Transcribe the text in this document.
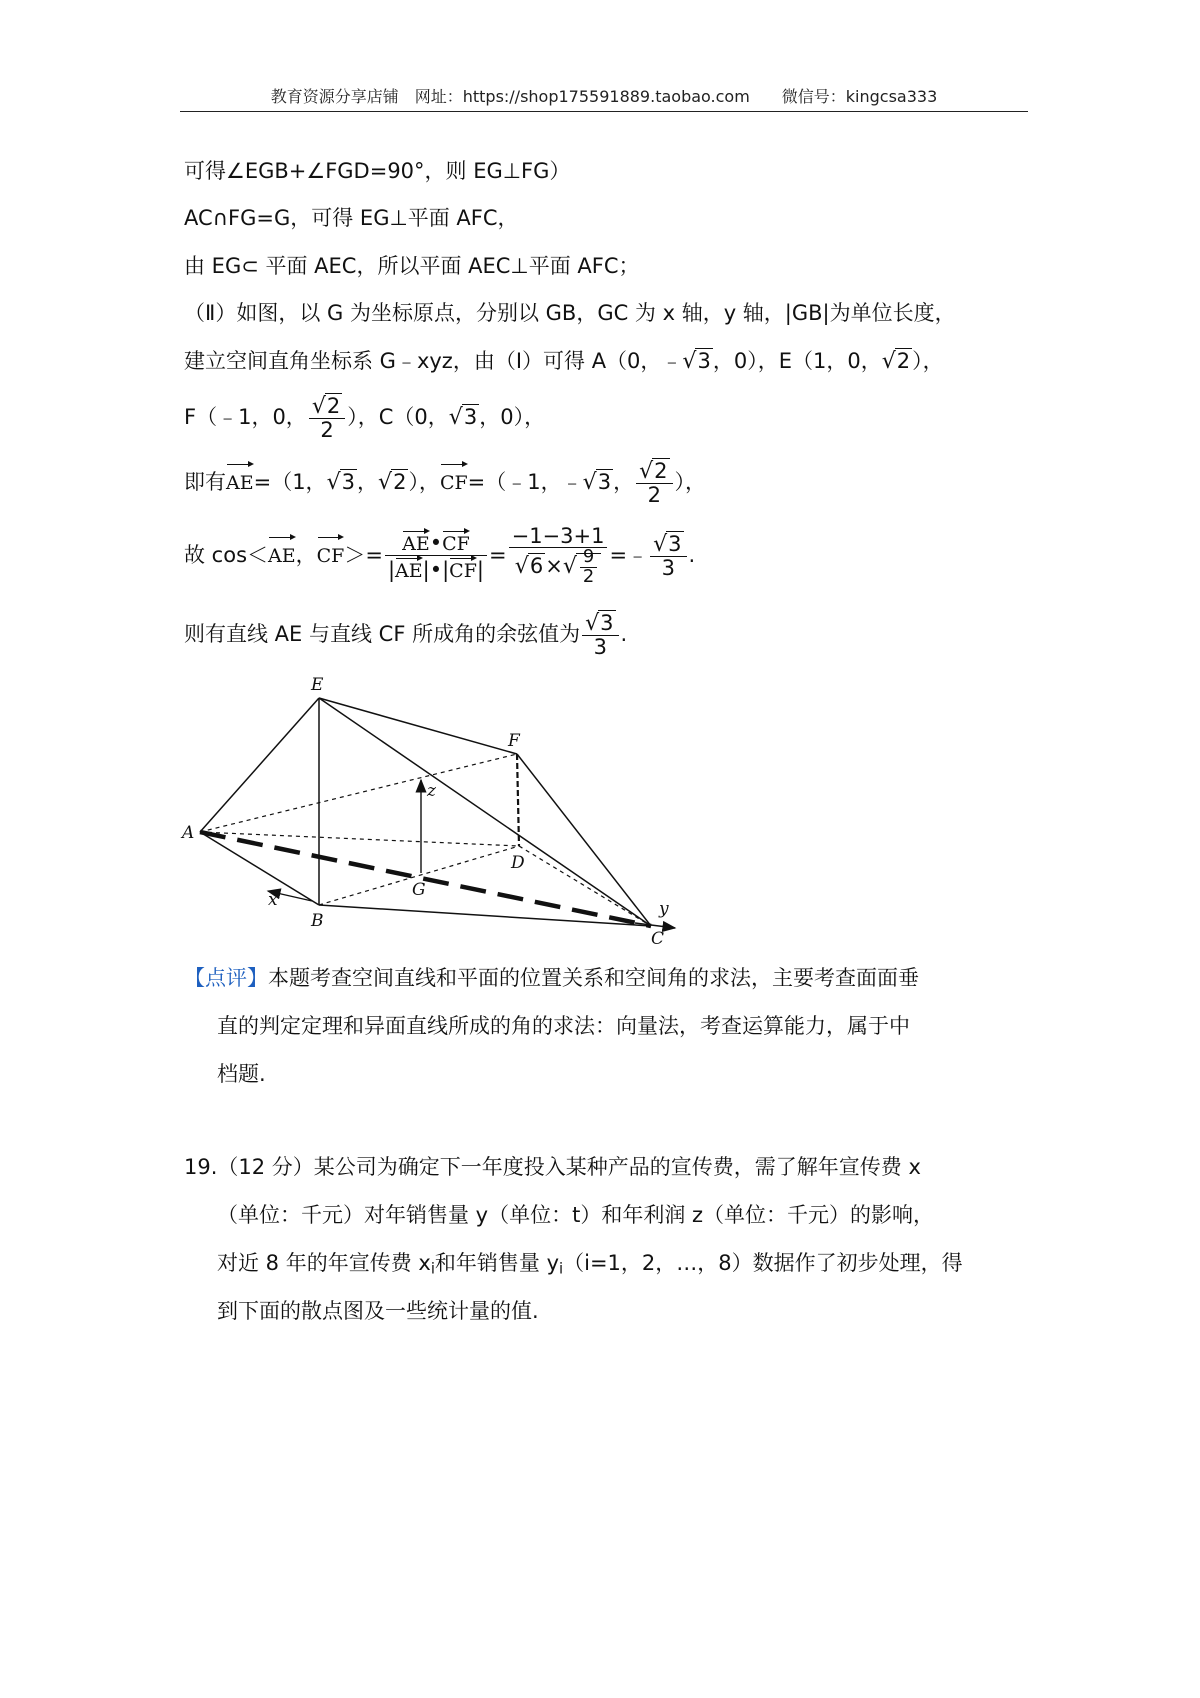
教育资源分享店铺　网址：https://shop175591889.taobao.com　　微信号：kingcsa333
可得∠EGB+∠FGD=90°，则 EG⊥FG）
AC∩FG=G，可得 EG⊥平面 AFC，
由 EG⊂ 平面 AEC，所以平面 AEC⊥平面 AFC；
（Ⅱ）如图，以 G 为坐标原点，分别以 GB，GC 为 x 轴，y 轴，|GB|为单位长度，
建立空间直角坐标系 G﹣xyz，由（Ⅰ）可得 A（0，﹣√3，0），E（1，0，√2），
F（﹣1，0， $\frac{√2}{2}$ ），C（0，√3，0），
即有AE=（1，√3，√2），CF=（﹣1，﹣√3， $\frac{√2}{2}$ ），
故 cos＜AE，$CF>= \frac{AE•CF}{|AE|•|CF|} = \frac{-1-3+1}{√6\times√ \frac{9}{2}}$ =﹣ $\frac{√3}{3}$ .
则有直线 AE 与直线 CF 所成角的余弦值为 $\frac{√3}{3}$ .
E
F
A
D
G
B
C
x	y
z
【点评】本题考查空间直线和平面的位置关系和空间角的求法，主要考查面面垂
直的判定定理和异面直线所成的角的求法：向量法，考查运算能力，属于中
档题.
19.（12 分）某公司为确定下一年度投入某种产品的宣传费，需了解年宣传费 x
（单位：千元）对年销售量 y（单位：t）和年利润 z（单位：千元）的影响，
对近 8 年的年宣传费 $x_i$和年销售量 $y_i(i=1$，2，…，8）数据作了初步处理，得
到下面的散点图及一些统计量的值.
